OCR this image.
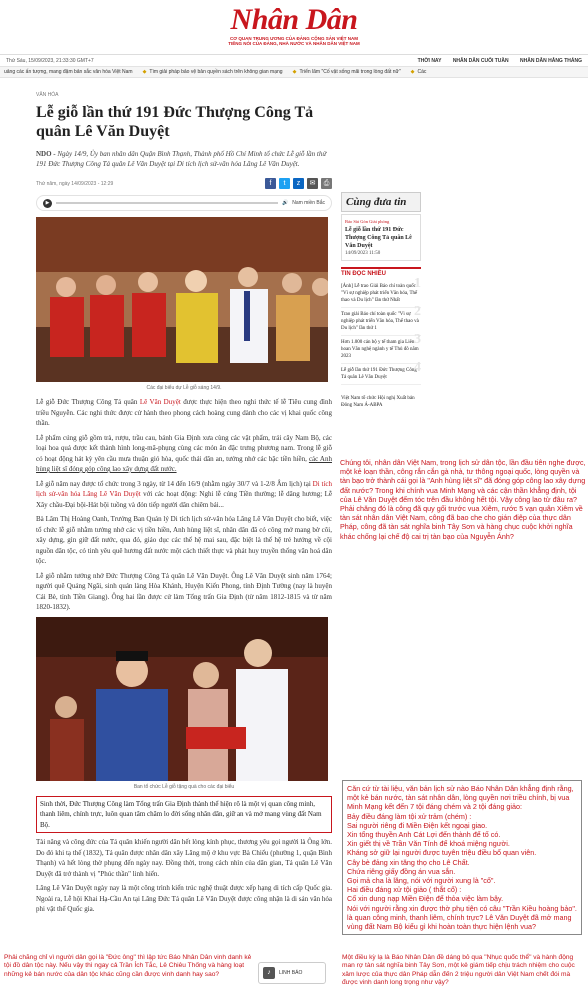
Nhân Dân
CƠ QUAN TRUNG ƯƠNG CỦA ĐẢNG CỘNG SẢN VIỆT NAM
TIẾNG NÓI CỦA ĐẢNG, NHÀ NƯỚC VÀ NHÂN DÂN VIỆT NAM
Thứ Sáu, 15/09/2023, 21:33:30 GMT+7	THỜI NAY NHÂN DÂN CUỐI TUẦN NHÂN DÂN HẰNG THÁNG
uảng các ấn tượng, mang đậm bản sắc văn hóa Việt Nam ◆ Tìm giải pháp bảo vệ bản quyền sách trên không gian mạng ◆ Triển lãm "Cố vật sống mãi trong lòng đất nữ" ◆ Các
VĂN HÓA
Lễ giỗ lần thứ 191 Đức Thượng Công Tả quân Lê Văn Duyệt
NDO - Ngày 14/9, Ủy ban nhân dân Quận Bình Thạnh, Thành phố Hồ Chí Minh tổ chức Lễ giỗ lần thứ 191 Đức Thượng Công Tả quân Lê Văn Duyệt tại Di tích lịch sử-văn hóa Lăng Lê Văn Duyệt.
Thứ năm, ngày 14/09/2023 - 12:29	f	t	z	✉	⎙
▶	🔊 Nam miền Bắc
Các đại biểu dự Lễ giỗ sáng 14/9.

Lễ giỗ Đức Thượng Công Tả quân Lê Văn Duyệt được thực hiện theo nghi thức tế lễ Tiêu cung đình triều Nguyễn. Các nghi thức được cử hành theo phong cách hoàng cung dành cho các vị khai quốc công thần.

Lễ phẩm cúng giỗ gồm trà, rượu, trầu cau, bánh Gia Định xưa cùng các vật phẩm, trái cây Nam Bộ, các loại hoa quả được kết thành hình long-mã-phụng cùng các món ăn đặc trưng phương nam. Trong lễ giỗ có hoạt động hát kỳ yên cầu mưa thuận gió hòa, quốc thái dân an, tưởng nhớ các bậc tiền hiền, các Anh hùng liệt sĩ đóng góp công lao xây dựng đất nước.

Lễ giỗ năm nay được tổ chức trong 3 ngày, từ 14 đến 16/9 (nhằm ngày 30/7 và 1-2/8 Âm lịch) tại Di tích lịch sử-văn hóa Lăng Lê Văn Duyệt với các hoạt động: Nghi lễ cúng Tiền thường; lễ dâng hương; Lễ Xây chầu-Đại bội-Hát bội tuồng và đón tiếp người dân chiêm bái...

Bà Lâm Thị Hoàng Oanh, Trưởng Ban Quản lý Di tích lịch sử-văn hóa Lăng Lê Văn Duyệt cho biết, việc tổ chức lễ giỗ nhằm tưởng nhớ các vị tiền hiền, Anh hùng liệt sĩ, nhân dân đã có công mở mang bờ cõi, xây dựng, gìn giữ đất nước, qua đó, giáo dục các thế hệ mai sau, đặc biệt là thế hệ trẻ hướng về cội nguồn dân tộc, có tinh yêu quê hương đất nước một cách thiết thực và phát huy truyền thống văn hoá dân tộc.

Lễ giỗ nhằm tưởng nhớ Đức Thượng Công Tả quân Lê Văn Duyệt. Ông Lê Văn Duyệt sinh năm 1764; người quê Quảng Ngãi, sinh quán làng Hòa Khánh, Huyện Kiến Phong, tỉnh Định Tường (nay là huyện Cái Bè, tỉnh Tiền Giang). Ông hai lần được cử làm Tổng trấn Gia Định (từ năm 1812-1815 và từ năm 1820-1832).

Ban tổ chức Lễ giỗ tặng quà cho các đại biểu
Sinh thời, Đức Thượng Công làm Tổng trấn Gia Định thành thể hiện rõ là một vị quan công minh, thanh liêm, chính trực, luôn quan tâm chăm lo đời sống nhân dân, giữ an và mở mang vùng đất Nam Bộ.

Tài năng và công đức của Tả quân khiến người dân hết lòng kính phục, thương yêu gọi người là Ông lớn. Do đó khi tạ thế (1832), Tả quân được nhân dân xây Lăng mộ ở khu vực Bà Chiểu (phường 1, quận Bình Thạnh) và hết lòng thờ phụng đến ngày nay. Đồng thời, trong cách nhìn của dân gian, Tả quân Lê Văn Duyệt đã trở thành vị "Phúc thần" linh hiển.

Lăng Lê Văn Duyệt ngày nay là một công trình kiến trúc nghệ thuật được xếp hạng di tích cấp Quốc gia. Ngoài ra, Lễ hội Khai Hạ-Cầu An tại Lăng Đức Tả quân Lê Văn Duyệt được công nhận là di sản văn hóa phi vật thể Quốc gia.

Cùng đưa tin
Báo Sài Gòn Giải phóng
Lễ giỗ lần thứ 191 Đức Thượng Công Tả quân Lê Văn Duyệt
14/09/2023 11:50
TIN ĐỌC NHIỀU
1
[Ảnh] Lễ trao Giải Báo chí toàn quốc "Vì sự nghiệp phát triển Văn hóa, Thể thao và Du lịch" lần thứ Nhất
2
Trao giải Báo chí toàn quốc "Vì sự nghiệp phát triển Văn hóa, Thể thao và Du lịch" lần thứ 1
3
Hơn 1.000 cán bộ y tế tham gia Liên hoan Văn nghệ ngành y tế Thủ đô năm 2023
4
Lễ giỗ lần thứ 191 Đức Thượng Công Tả quân Lê Văn Duyệt
Việt Nam tổ chức Hội nghị Xuất bản Đông Nam Á-ABPA
Chúng tôi, nhân dân Việt Nam, trong lịch sử dân tộc, lần đầu tiên nghe được, một kẻ loạn thần, công rắn cắn gà nhà, tư thông ngoại quốc, lòng quyền và tàn bạo trở thành cái gọi là "Anh hùng liệt sĩ" đã đóng góp công lao xây dựng đất nước? Trong khi chính vua Minh Mạng và các cận thần khẳng định, tội của Lê Văn Duyệt đếm tóc trên đầu không hết tội. Vậy công lao từ đâu ra? Phải chăng đó là công đã quy gối trước vua Xiêm, rước 5 vạn quân Xiêm về tàn sát nhân dân Việt Nam, công đã bao che cho gián điệp của thực dân Pháp, công đã tàn sát nghĩa binh Tây Sơn và hàng chục cuộc khởi nghĩa khác chống lại chế độ cai trị tàn bạo của Nguyễn Ánh?
Căn cứ từ tài liệu, văn bản lịch sử nào Báo Nhân Dân khẳng định rằng, một kẻ bán nước, tàn sát nhân dân, lòng quyền nơi triều chính, bị vua Minh Mạng kết đến 7 tội đáng chém và 2 tội đáng giảo:
Bảy điều đáng làm tội xử trảm (chém) :
Sai người riêng đi Miền Điện kết ngoại giao.
Xin tổng thuyền Anh Cát Lợi đến thành để tố có.
Xin giết thị về Trần Văn Tính để khoá miệng người.
Kháng sở giữ lại người được tuyên triệu điều bổ quan viên.
Cây bè đảng xin tăng thọ cho Lê Chất.
Chứa riêng giấy đồng án vua sắn.
Gọi mả cha là lăng, nói với người xung là "cố".
Hai điều đáng xử tội giảo ( thắt cổ) :
Cố xin dung nạp Miền Điện để thỏa việc làm bậy.
Nói với người rằng xin được thờ phụ tiện có câu "Trần Kiều hoàng bảo".
là quan công minh, thanh liêm, chính trực? Lê Văn Duyệt đã mở mang vùng đất Nam Bộ kiểu gì khi hoàn toàn thực hiện lệnh vua?
Phải chăng chỉ vì người dân gọi là "Đức ông" thì lập tức Báo Nhân Dân vinh danh kẻ tội đồ dân tộc này. Nếu vậy thì ngay cả Trần Ích Tắc, Lê Chiêu Thống và hàng loạt những kẻ bán nước của dân tộc khác cũng cần được vinh danh hay sao?
Một điều kỳ lạ là Báo Nhân Dân đề dáng bỏ qua "Nhục quốc thể" và hành động man rợ tàn sát nghĩa binh Tây Sơn, một kẻ giám tiếp chịu trách nhiệm cho cuộc xâm lược của thực dân Pháp dẫn đến 2 triệu người dân Việt Nam chết đói mà được vinh danh long trọng như vậy?
♪	LINH BÁO
